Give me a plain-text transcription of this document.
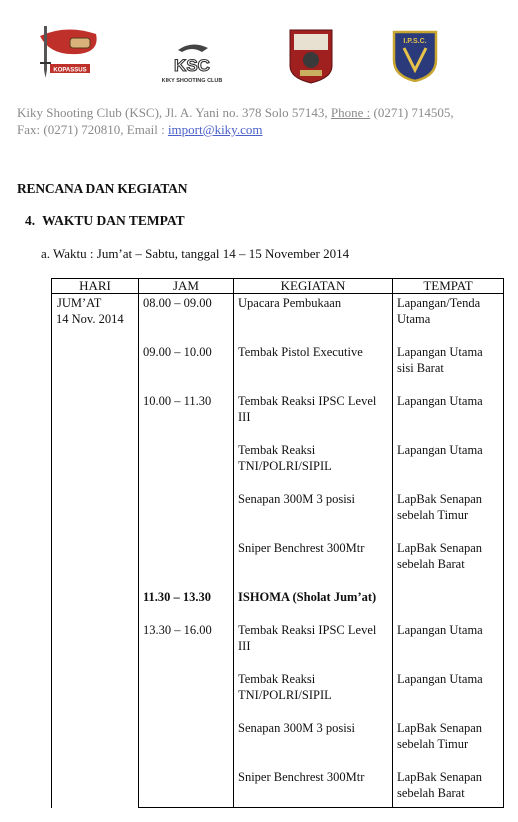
KOPASSUS	KSC
KIKY SHOOTING CLUB
I.P.S.C.
Kiky Shooting Club (KSC), Jl. A. Yani no. 378 Solo 57143, Phone : (0271) 714505,
Fax: (0271) 720810, Email : import@kiky.com
RENCANA DAN KEGIATAN
4. WAKTU DAN TEMPAT
a. Waktu : Jum’at – Sabtu, tanggal 14 – 15 November 2014
HARI	JAM	KEGIATAN	TEMPAT

JUM’AT
14 Nov. 2014	08.00 – 09.00	Upacara Pembukaan	Lapangan/Tenda Utama

	09.00 – 10.00	Tembak Pistol Executive	Lapangan Utama sisi Barat

	10.00 – 11.30	Tembak Reaksi IPSC Level III	Lapangan Utama

		Tembak Reaksi TNI/POLRI/SIPIL	Lapangan Utama

		Senapan 300M 3 posisi	LapBak Senapan sebelah Timur

		Sniper Benchrest 300Mtr	LapBak Senapan sebelah Barat

	11.30 – 13.30	ISHOMA (Sholat Jum’at)	

	13.30 – 16.00	Tembak Reaksi IPSC Level III	Lapangan Utama

		Tembak Reaksi TNI/POLRI/SIPIL	Lapangan Utama

		Senapan 300M 3 posisi	LapBak Senapan sebelah Timur

		Sniper Benchrest 300Mtr	LapBak Senapan sebelah Barat
